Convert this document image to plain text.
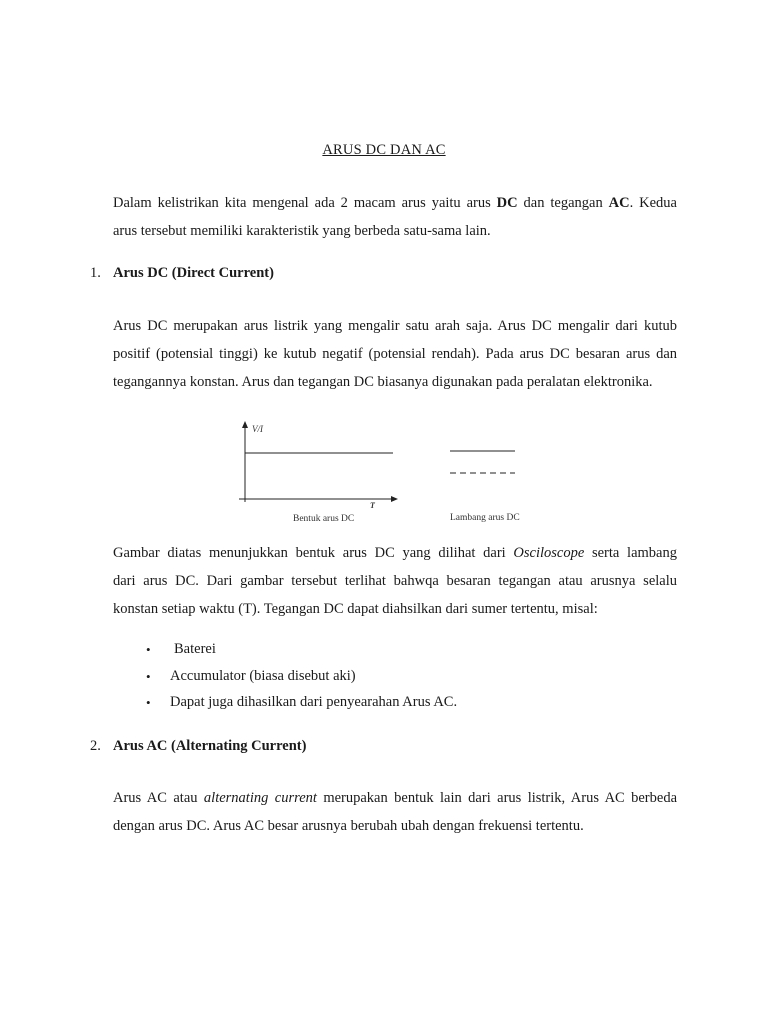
ARUS DC DAN AC
Dalam kelistrikan kita mengenal ada 2 macam arus yaitu arus DC dan tegangan AC. Kedua
arus tersebut memiliki karakteristik yang berbeda satu-sama lain.
1. Arus DC (Direct Current)
Arus DC merupakan arus listrik yang mengalir satu arah saja. Arus DC mengalir dari kutub
positif (potensial tinggi) ke kutub negatif (potensial rendah). Pada arus DC besaran arus dan
tegangannya konstan. Arus dan tegangan DC biasanya digunakan pada peralatan elektronika.
V/I
T
Bentuk arus DC	Lambang arus DC
Gambar diatas menunjukkan bentuk arus DC yang dilihat dari Osciloscope serta lambang
dari arus DC. Dari gambar tersebut terlihat bahwqa besaran tegangan atau arusnya selalu
konstan setiap waktu (T). Tegangan DC dapat diahsilkan dari sumer tertentu, misal:
• Baterei
• Accumulator (biasa disebut aki)
• Dapat juga dihasilkan dari penyearahan Arus AC.
2. Arus AC (Alternating Current)
Arus AC atau alternating current merupakan bentuk lain dari arus listrik, Arus AC berbeda
dengan arus DC. Arus AC besar arusnya berubah ubah dengan frekuensi tertentu.
